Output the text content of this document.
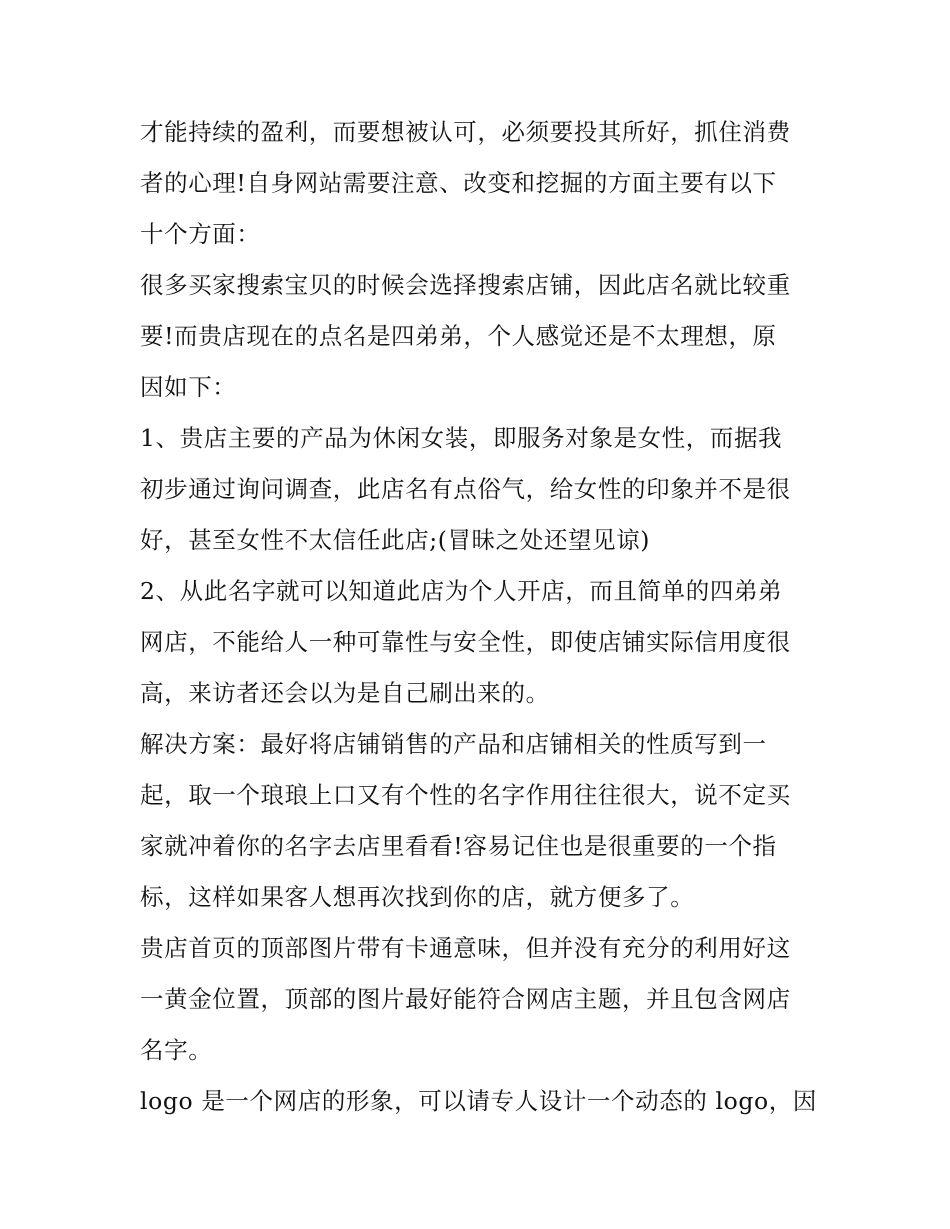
才能持续的盈利，而要想被认可，必须要投其所好，抓住消费
者的心理!自身网站需要注意、改变和挖掘的方面主要有以下
十个方面：
很多买家搜索宝贝的时候会选择搜索店铺，因此店名就比较重
要!而贵店现在的点名是四弟弟，个人感觉还是不太理想，原
因如下：
1、贵店主要的产品为休闲女装，即服务对象是女性，而据我
初步通过询问调查，此店名有点俗气，给女性的印象并不是很
好，甚至女性不太信任此店;(冒昧之处还望见谅)
2、从此名字就可以知道此店为个人开店，而且简单的四弟弟
网店，不能给人一种可靠性与安全性，即使店铺实际信用度很
高，来访者还会以为是自己刷出来的。
解决方案：最好将店铺销售的产品和店铺相关的性质写到一
起，取一个琅琅上口又有个性的名字作用往往很大，说不定买
家就冲着你的名字去店里看看!容易记住也是很重要的一个指
标，这样如果客人想再次找到你的店，就方便多了。
贵店首页的顶部图片带有卡通意味，但并没有充分的利用好这
一黄金位置，顶部的图片最好能符合网店主题，并且包含网店
名字。
logo 是一个网店的形象，可以请专人设计一个动态的 logo，因
